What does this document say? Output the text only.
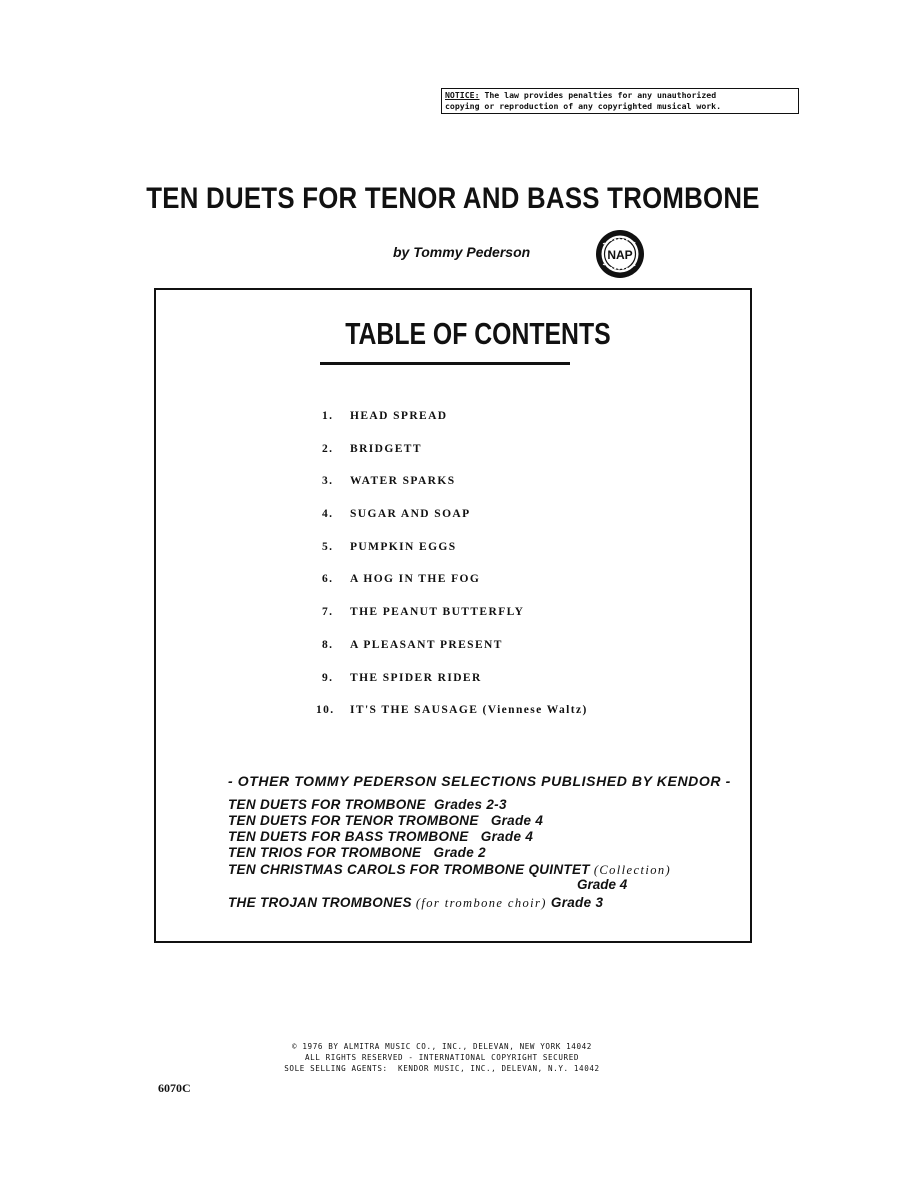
NOTICE: The law provides penalties for any unauthorized
copying or reproduction of any copyrighted musical work.
TEN DUETS FOR TENOR AND BASS TROMBONE
by Tommy Pederson	NAP
TABLE OF CONTENTS
1. HEAD SPREAD
2. BRIDGETT
3. WATER SPARKS
4. SUGAR AND SOAP
5. PUMPKIN EGGS
6. A HOG IN THE FOG
7. THE PEANUT BUTTERFLY
8. A PLEASANT PRESENT
9. THE SPIDER RIDER
10. IT'S THE SAUSAGE (Viennese Waltz)
- OTHER TOMMY PEDERSON SELECTIONS PUBLISHED BY KENDOR -
TEN DUETS FOR TROMBONE Grades 2-3
TEN DUETS FOR TENOR TROMBONE Grade 4
TEN DUETS FOR BASS TROMBONE Grade 4
TEN TRIOS FOR TROMBONE Grade 2
TEN CHRISTMAS CAROLS FOR TROMBONE QUINTET (Collection)
Grade 4
THE TROJAN TROMBONES (for trombone choir) Grade 3
© 1976 BY ALMITRA MUSIC CO., INC., DELEVAN, NEW YORK 14042
ALL RIGHTS RESERVED - INTERNATIONAL COPYRIGHT SECURED
SOLE SELLING AGENTS:  KENDOR MUSIC, INC., DELEVAN, N.Y. 14042
6070C
